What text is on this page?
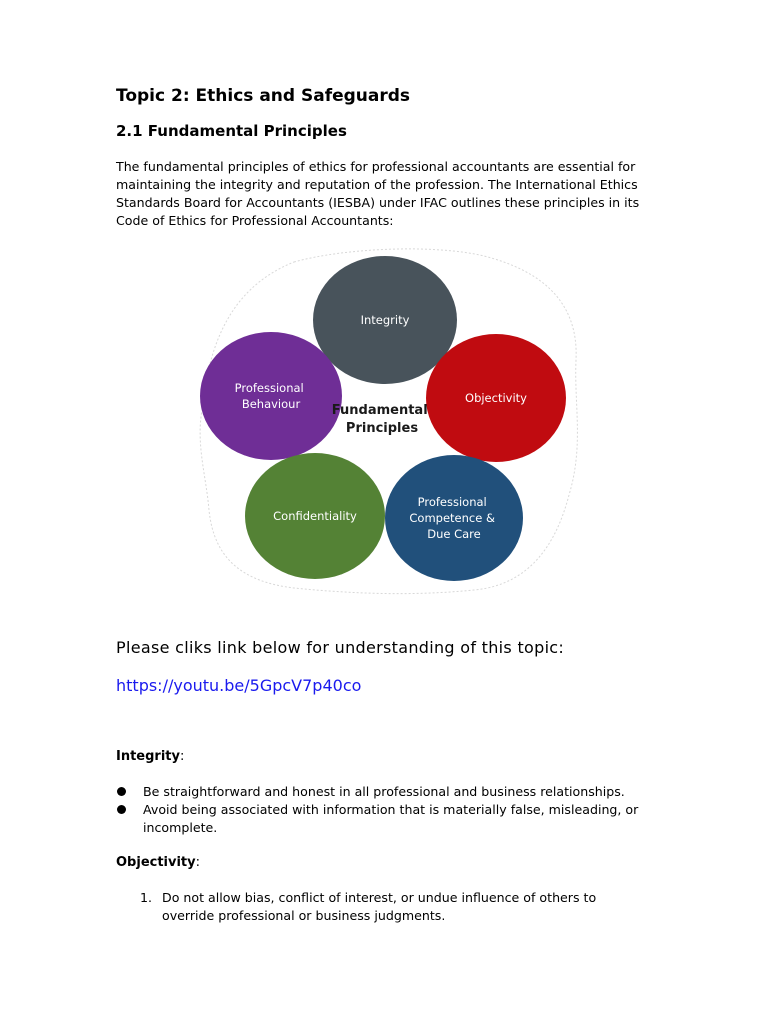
Topic 2: Ethics and Safeguards
2.1 Fundamental Principles

The fundamental principles of ethics for professional accountants are essential for
maintaining the integrity and reputation of the profession. The International Ethics
Standards Board for Accountants (IESBA) under IFAC outlines these principles in its
Code of Ethics for Professional Accountants:

Integrity
Professional Behaviour	Objectivity
Confidentiality
Professional Competence & Due Care
Fundamental Principles

Please cliks link below for understanding of this topic:

https://youtu.be/5GpcV7p40co

Integrity:

Be straightforward and honest in all professional and business relationships.
Avoid being associated with information that is materially false, misleading, or incomplete.

Objectivity:

1. Do not allow bias, conflict of interest, or undue influence of others to override professional or business judgments.
